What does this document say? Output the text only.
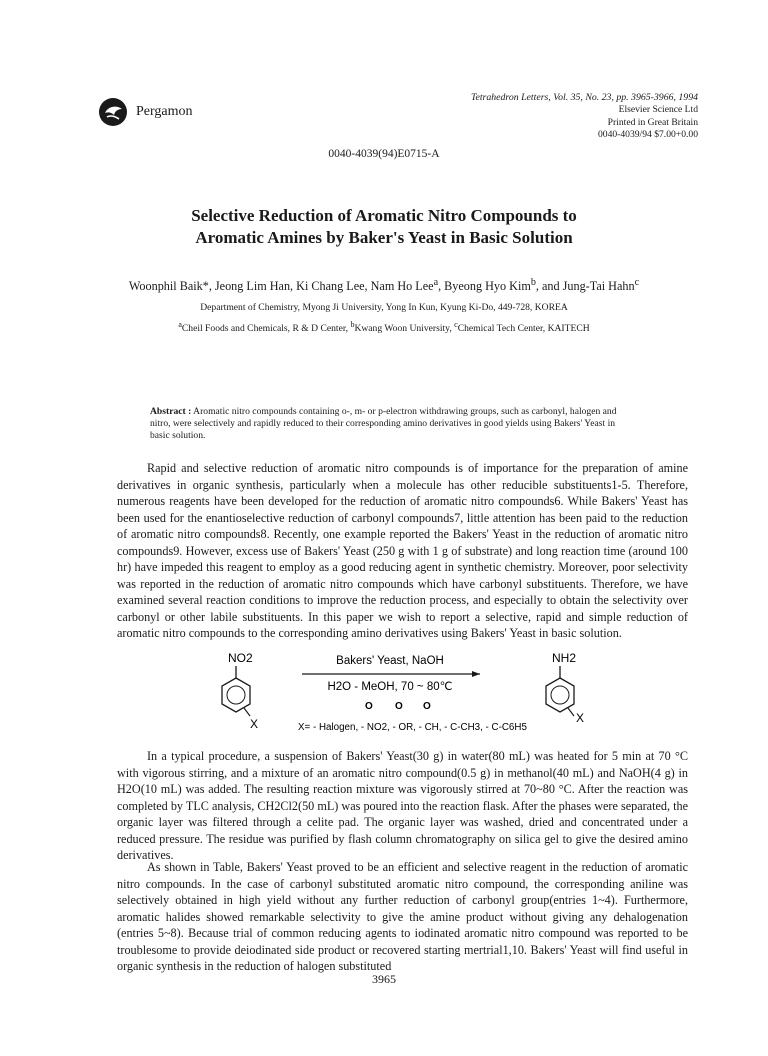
Pergamon
Tetrahedron Letters, Vol. 35, No. 23, pp. 3965-3966, 1994
Elsevier Science Ltd
Printed in Great Britain
0040-4039/94 $7.00+0.00
0040-4039(94)E0715-A
Selective Reduction of Aromatic Nitro Compounds to
Aromatic Amines by Baker's Yeast in Basic Solution
Woonphil Baik*, Jeong Lim Han, Ki Chang Lee, Nam Ho Lee$^a$, Byeong Hyo Kim$^b$, and Jung-Tai Hahn$^c$
Department of Chemistry, Myong Ji University, Yong In Kun, Kyung Ki-Do, 449-728, KOREA
$^a$Cheil Foods and Chemicals, R & D Center, $^b$Kwang Woon University, $^c$Chemical Tech Center, KAITECH
Abstract : Aromatic nitro compounds containing o-, m- or p-electron withdrawing groups, such as carbonyl, halogen and nitro, were selectively and rapidly reduced to their corresponding amino derivatives in good yields using Bakers' Yeast in basic solution.
Rapid and selective reduction of aromatic nitro compounds is of importance for the preparation of amine derivatives in organic synthesis, particularly when a molecule has other reducible substituents1-5. Therefore, numerous reagents have been developed for the reduction of aromatic nitro compounds6. While Bakers' Yeast has been used for the enantioselective reduction of carbonyl compounds7, little attention has been paid to the reduction of aromatic nitro compounds8. Recently, one example reported the Bakers' Yeast in the reduction of aromatic nitro compounds9. However, excess use of Bakers' Yeast (250 g with 1 g of substrate) and long reaction time (around 100 hr) have impeded this reagent to employ as a good reducing agent in synthetic chemistry. Moreover, poor selectivity was reported in the reduction of aromatic nitro compounds which have carbonyl substituents. Therefore, we have examined several reaction conditions to improve the reduction process, and especially to obtain the selectivity over carbonyl or other labile substituents. In this paper we wish to report a selective, rapid and simple reduction of aromatic nitro compounds to the corresponding amino derivatives using Bakers' Yeast in basic solution.
NO2
X
Bakers' Yeast, NaOH
H2O - MeOH, 70 ~ 80℃
O O O
X= - Halogen, - NO2, - OR, - CH, - C-CH3, - C-C6H5
NH2
X
In a typical procedure, a suspension of Bakers' Yeast(30 g) in water(80 mL) was heated for 5 min at 70 °C with vigorous stirring, and a mixture of an aromatic nitro compound(0.5 g) in methanol(40 mL) and NaOH(4 g) in H2O(10 mL) was added. The resulting reaction mixture was vigorously stirred at 70~80 °C. After the reaction was completed by TLC analysis, CH2Cl2(50 mL) was poured into the reaction flask. After the phases were separated, the organic layer was filtered through a celite pad. The organic layer was washed, dried and concentrated under a reduced pressure. The residue was purified by flash column chromatography on silica gel to give the desired amino derivatives.
As shown in Table, Bakers' Yeast proved to be an efficient and selective reagent in the reduction of aromatic nitro compounds. In the case of carbonyl substituted aromatic nitro compound, the corresponding aniline was selectively obtained in high yield without any further reduction of carbonyl group(entries 1~4). Furthermore, aromatic halides showed remarkable selectivity to give the amine product without giving any dehalogenation (entries 5~8). Because trial of common reducing agents to iodinated aromatic nitro compound was reported to be troublesome to provide deiodinated side product or recovered starting mertrial1,10. Bakers' Yeast will find useful in organic synthesis in the reduction of halogen substituted
3965
